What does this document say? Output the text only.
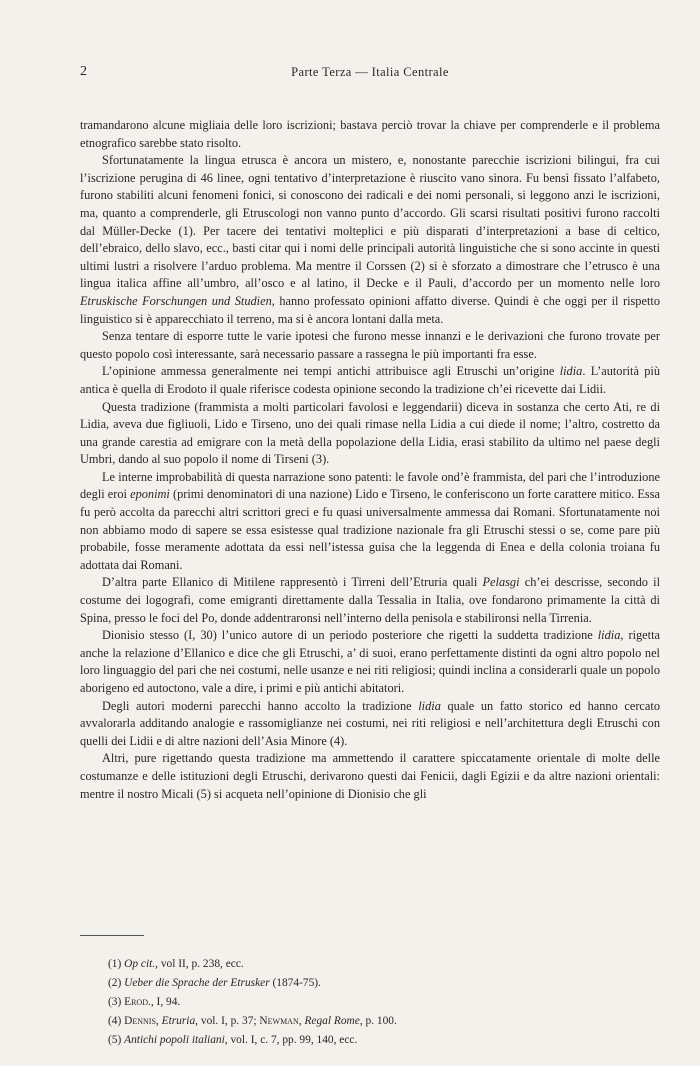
2	Parte Terza — Italia Centrale

tramandarono alcune migliaia delle loro iscrizioni; bastava perciò trovar la chiave per comprenderle e il problema etnografico sarebbe stato risolto.

Sfortunatamente la lingua etrusca è ancora un mistero, e, nonostante parecchie iscrizioni bilingui, fra cui l’iscrizione perugina di 46 linee, ogni tentativo d’interpretazione è riuscito vano sinora. Fu bensì fissato l’alfabeto, furono stabiliti alcuni fenomeni fonici, si conoscono dei radicali e dei nomi personali, si leggono anzi le iscrizioni, ma, quanto a comprenderle, gli Etruscologi non vanno punto d’accordo. Gli scarsi risultati positivi furono raccolti dal Müller-Decke (1). Per tacere dei tentativi molteplici e più disparati d’interpretazioni a base di celtico, dell’ebraico, dello slavo, ecc., basti citar qui i nomi delle principali autorità linguistiche che si sono accinte in questi ultimi lustri a risolvere l’arduo problema. Ma mentre il Corssen (2) si è sforzato a dimostrare che l’etrusco è una lingua italica affine all’umbro, all’osco e al latino, il Decke e il Pauli, d’accordo per un momento nelle loro Etruskische Forschungen und Studien, hanno professato opinioni affatto diverse. Quindi è che oggi per il rispetto linguistico si è apparecchiato il terreno, ma si è ancora lontani dalla meta.

Senza tentare di esporre tutte le varie ipotesi che furono messe innanzi e le derivazioni che furono trovate per questo popolo così interessante, sarà necessario passare a rassegna le più importanti fra esse.

L’opinione ammessa generalmente nei tempi antichi attribuisce agli Etruschi un’origine lidia. L’autorità più antica è quella di Erodoto il quale riferisce codesta opinione secondo la tradizione ch’ei ricevette dai Lidii.

Questa tradizione (frammista a molti particolari favolosi e leggendarii) diceva in sostanza che certo Ati, re di Lidia, aveva due figliuoli, Lido e Tirseno, uno dei quali rimase nella Lidia a cui diede il nome; l’altro, costretto da una grande carestia ad emigrare con la metà della popolazione della Lidia, erasi stabilito da ultimo nel paese degli Umbri, dando al suo popolo il nome di Tirseni (3).

Le interne improbabilità di questa narrazione sono patenti: le favole ond’è frammista, del pari che l’introduzione degli eroi eponimi (primi denominatori di una nazione) Lido e Tirseno, le conferiscono un forte carattere mitico. Essa fu però accolta da parecchi altri scrittori greci e fu quasi universalmente ammessa dai Romani. Sfortunatamente noi non abbiamo modo di sapere se essa esistesse qual tradizione nazionale fra gli Etruschi stessi o se, come pare più probabile, fosse meramente adottata da essi nell’istessa guisa che la leggenda di Enea e della colonia troiana fu adottata dai Romani.

D’altra parte Ellanico di Mitilene rappresentò i Tirreni dell’Etruria quali Pelasgi ch’ei descrisse, secondo il costume dei logografi, come emigranti direttamente dalla Tessalia in Italia, ove fondarono primamente la città di Spina, presso le foci del Po, donde addentraronsi nell’interno della penisola e stabilironsi nella Tirrenia.

Dionisio stesso (I, 30) l’unico autore di un periodo posteriore che rigetti la suddetta tradizione lidia, rigetta anche la relazione d’Ellanico e dice che gli Etruschi, a’ di suoi, erano perfettamente distinti da ogni altro popolo nel loro linguaggio del pari che nei costumi, nelle usanze e nei riti religiosi; quindi inclina a considerarli quale un popolo aborigeno ed autoctono, vale a dire, i primi e più antichi abitatori.

Degli autori moderni parecchi hanno accolto la tradizione lidia quale un fatto storico ed hanno cercato avvalorarla additando analogie e rassomiglianze nei costumi, nei riti religiosi e nell’architettura degli Etruschi con quelli dei Lidii e di altre nazioni dell’Asia Minore (4).

Altri, pure rigettando questa tradizione ma ammettendo il carattere spiccatamente orientale di molte delle costumanze e delle istituzioni degli Etruschi, derivarono questi dai Fenicii, dagli Egizii e da altre nazioni orientali: mentre il nostro Micali (5) si acqueta nell’opinione di Dionisio che gli

(1) Op cit., vol II, p. 238, ecc.
(2) Ueber die Sprache der Etrusker (1874-75).
(3) Erod., I, 94.
(4) Dennis, Etruria, vol. I, p. 37; Newman, Regal Rome, p. 100.
(5) Antichi popoli italiani, vol. I, c. 7, pp. 99, 140, ecc.
